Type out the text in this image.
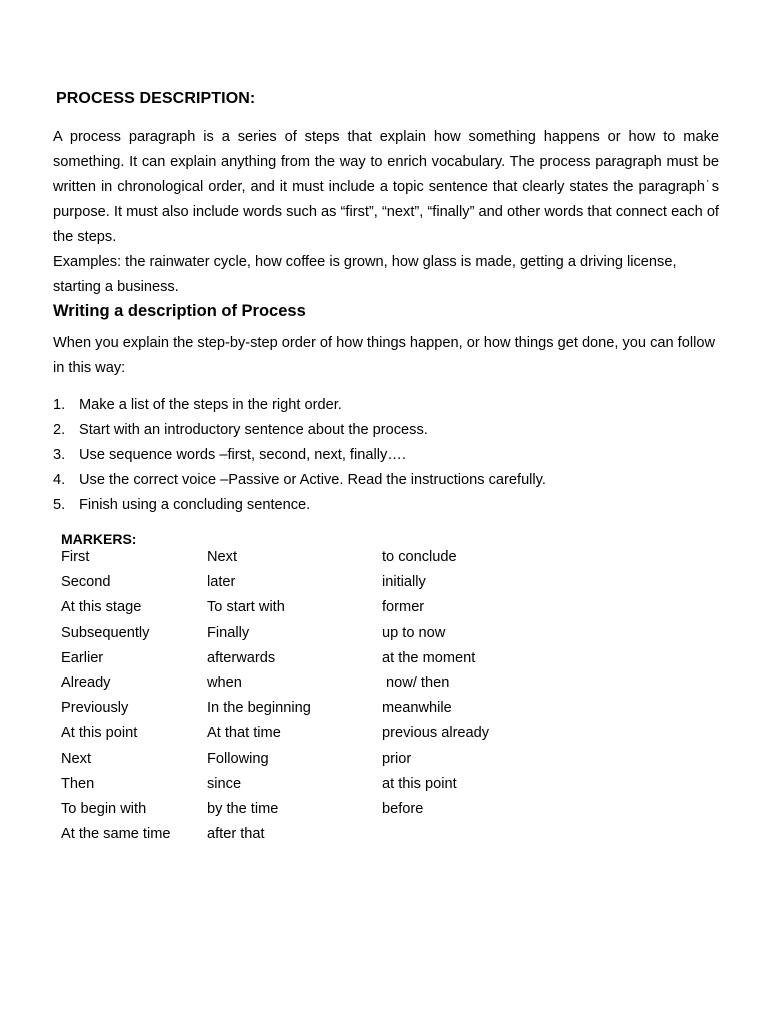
PROCESS DESCRIPTION:

A process paragraph is a series of steps that explain how something happens or how to make something. It can explain anything from the way to enrich vocabulary. The process paragraph must be written in chronological order, and it must include a topic sentence that clearly states the paragraph˙s purpose. It must also include words such as “first”, “next”, “finally” and other words that connect each of the steps.

Examples: the rainwater cycle, how coffee is grown, how glass is made, getting a driving license, starting a business.

Writing a description of Process

When you explain the step-by-step order of how things happen, or how things get done, you can follow in this way:

1. Make a list of the steps in the right order.
2. Start with an introductory sentence about the process.
3. Use sequence words –first, second, next, finally….
4. Use the correct voice –Passive or Active. Read the instructions carefully.
5. Finish using a concluding sentence.
MARKERS:
First
Second
At this stage
Subsequently
Earlier
Already
Previously
At this point
Next
Then
To begin with
At the same time
Next
later
To start with
Finally
afterwards
when
In the beginning
At that time
Following
since
by the time
after that
to conclude
initially
former
up to now
at the moment
now/ then
meanwhile
previous already
prior
at this point
before
